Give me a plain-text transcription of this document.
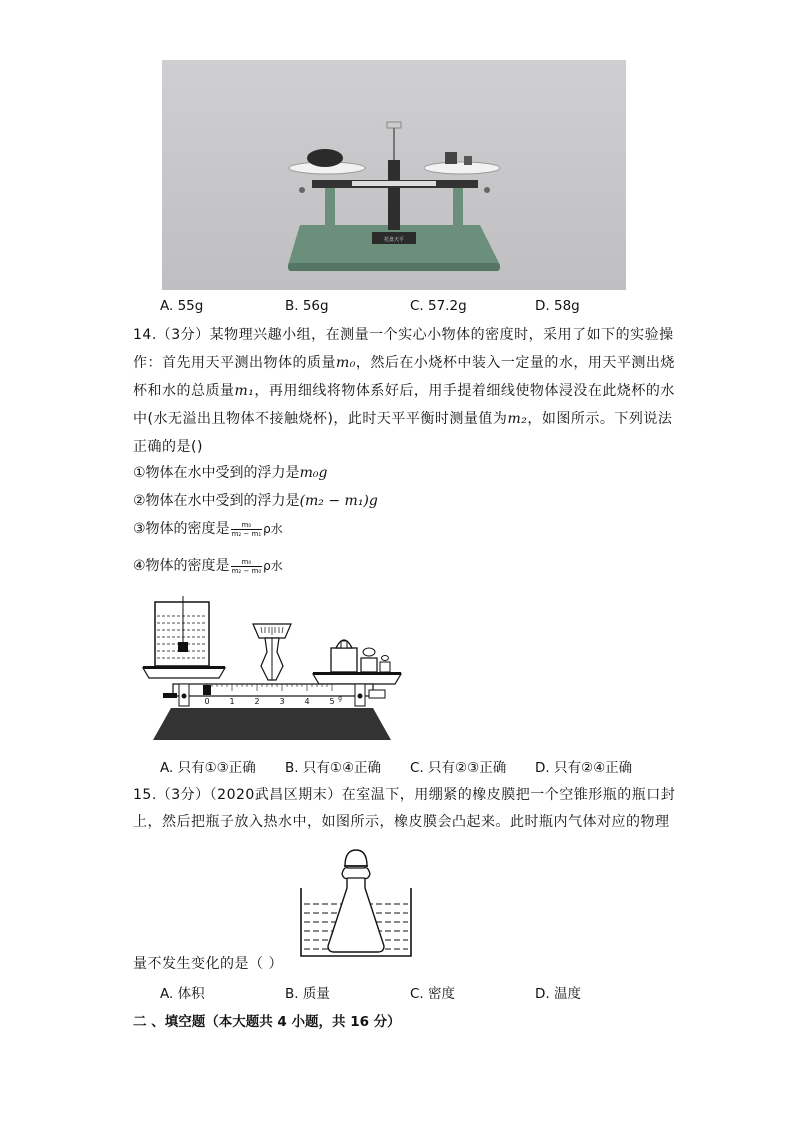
托盘天平
A. 55g	B. 56g	C. 57.2g	D. 58g
14.（3分）某物理兴趣小组，在测量一个实心小物体的密度时，采用了如下的实验操
作：首先用天平测出物体的质量m₀，然后在小烧杯中装入一定量的水，用天平测出烧
杯和水的总质量m₁，再用细线将物体系好后，用手提着细线使物体浸没在此烧杯的水
中(水无溢出且物体不接触烧杯)，此时天平平衡时测量值为m₂，如图所示。下列说法
正确的是()
①物体在水中受到的浮力是m₀g
②物体在水中受到的浮力是(m₂ − m₁)g
③物体的密度是 $\frac{\text{m₀}}{\text{m₂ − m₁}}$ ρ水
④物体的密度是 $\frac{\text{m₀}}{\text{m₂ − m₀}}$ ρ水
0 1 2 3 4 5 g
A. 只有①③正确	B. 只有①④正确	C. 只有②③正确	D. 只有②④正确
15.（3分）（2020武昌区期末）在室温下，用绷紧的橡皮膜把一个空锥形瓶的瓶口封
上，然后把瓶子放入热水中，如图所示，橡皮膜会凸起来。此时瓶内气体对应的物理
量不发生变化的是（ ）
A. 体积	B. 质量	C. 密度	D. 温度
二 、填空题（本大题共 4 小题，共 16 分）
